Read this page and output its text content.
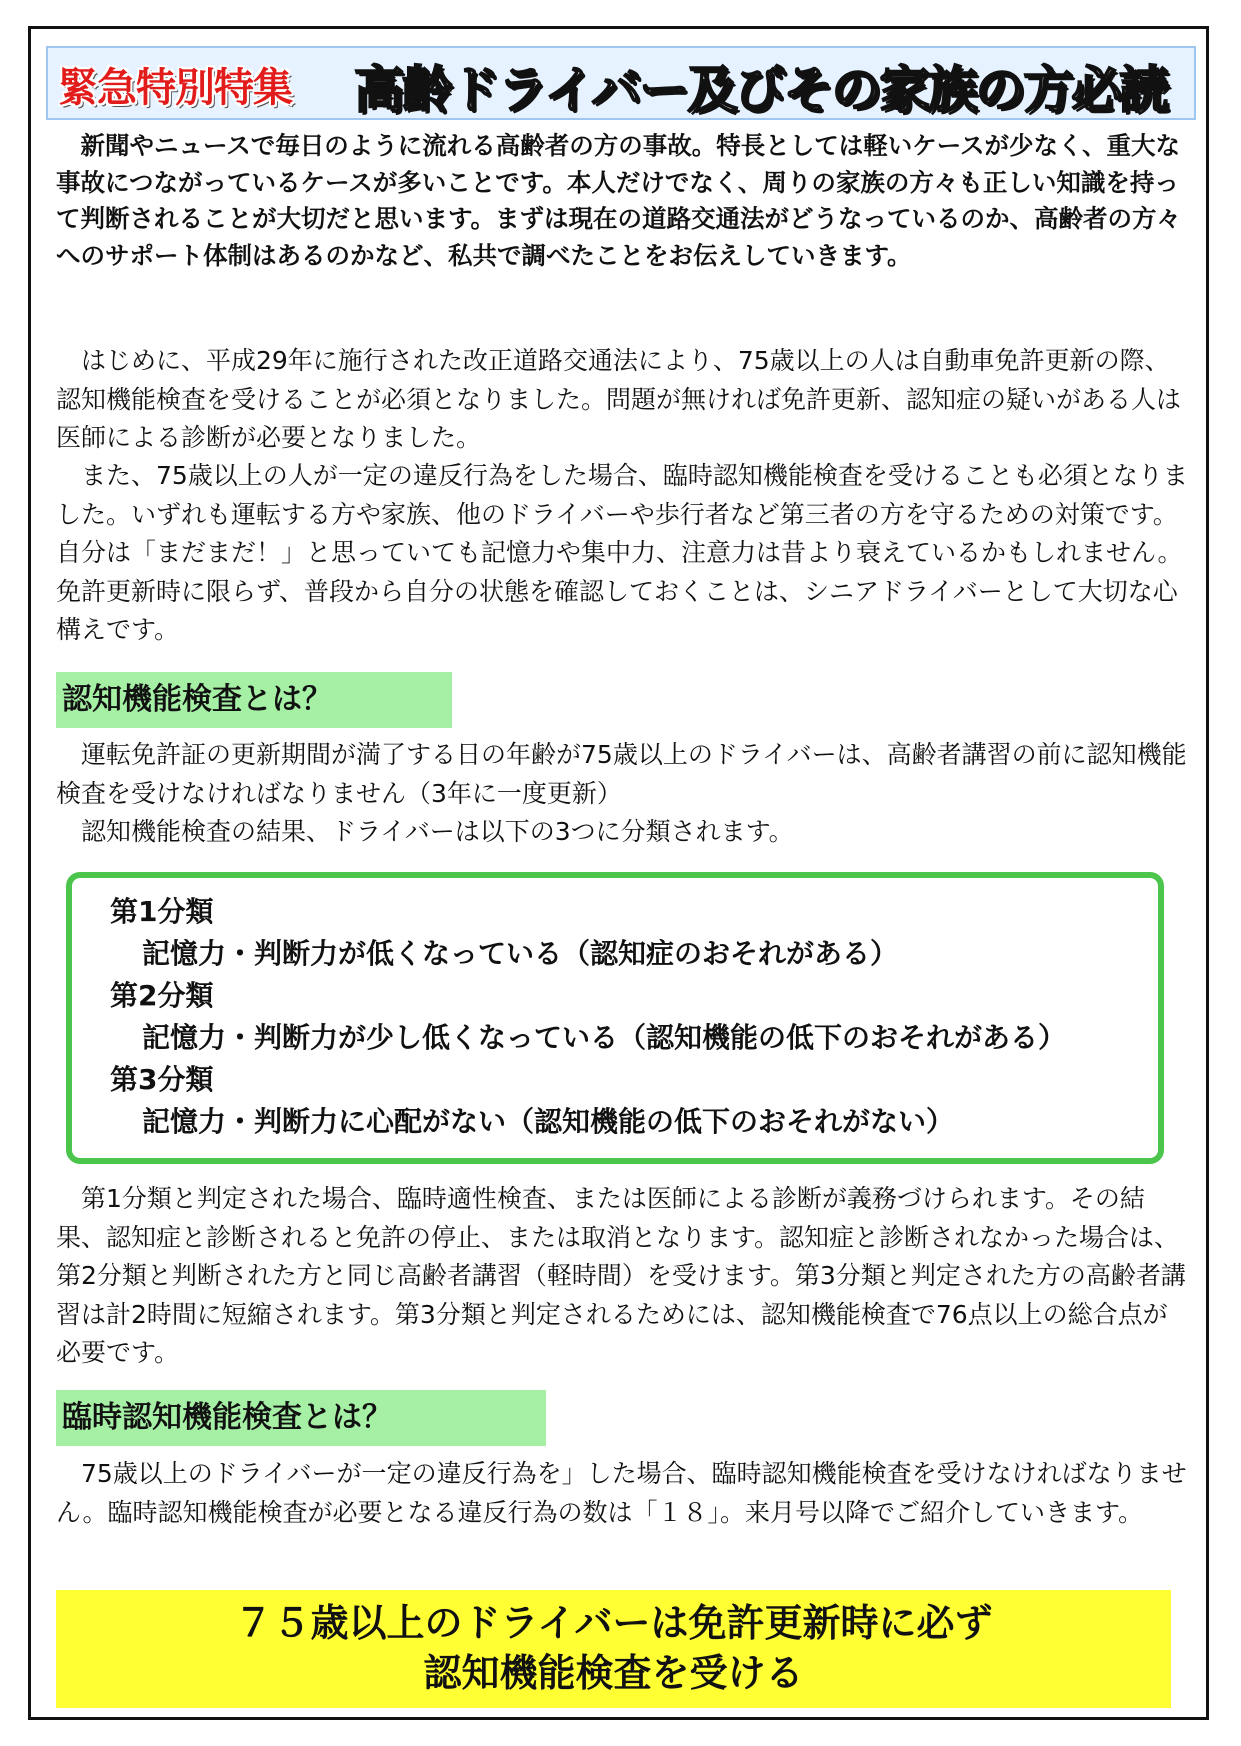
緊急特別特集 高齢ドライバー及びその家族の方必読

新聞やニュースで毎日のように流れる高齢者の方の事故。特長としては軽いケースが少なく、重大な事故につながっているケースが多いことです。本人だけでなく、周りの家族の方々も正しい知識を持って判断されることが大切だと思います。まずは現在の道路交通法がどうなっているのか、高齢者の方々へのサポート体制はあるのかなど、私共で調べたことをお伝えしていきます。

はじめに、平成29年に施行された改正道路交通法により、75歳以上の人は自動車免許更新の際、認知機能検査を受けることが必須となりました。問題が無ければ免許更新、認知症の疑いがある人は医師による診断が必要となりました。

また、75歳以上の人が一定の違反行為をした場合、臨時認知機能検査を受けることも必須となりました。いずれも運転する方や家族、他のドライバーや歩行者など第三者の方を守るための対策です。自分は「まだまだ！」と思っていても記憶力や集中力、注意力は昔より衰えているかもしれません。免許更新時に限らず、普段から自分の状態を確認しておくことは、シニアドライバーとして大切な心構えです。

認知機能検査とは？

運転免許証の更新期間が満了する日の年齢が75歳以上のドライバーは、高齢者講習の前に認知機能検査を受けなければなりません（3年に一度更新）

認知機能検査の結果、ドライバーは以下の3つに分類されます。

第1分類
記憶力・判断力が低くなっている（認知症のおそれがある）
第2分類
記憶力・判断力が少し低くなっている（認知機能の低下のおそれがある）
第3分類
記憶力・判断力に心配がない（認知機能の低下のおそれがない）

第1分類と判定された場合、臨時適性検査、または医師による診断が義務づけられます。その結果、認知症と診断されると免許の停止、または取消となります。認知症と診断されなかった場合は、第2分類と判断された方と同じ高齢者講習（軽時間）を受けます。第3分類と判定された方の高齢者講習は計2時間に短縮されます。第3分類と判定されるためには、認知機能検査で76点以上の総合点が必要です。

臨時認知機能検査とは？

75歳以上のドライバーが一定の違反行為を」した場合、臨時認知機能検査を受けなければなりません。臨時認知機能検査が必要となる違反行為の数は「１８」。来月号以降でご紹介していきます。

７５歳以上のドライバーは免許更新時に必ず
認知機能検査を受ける
